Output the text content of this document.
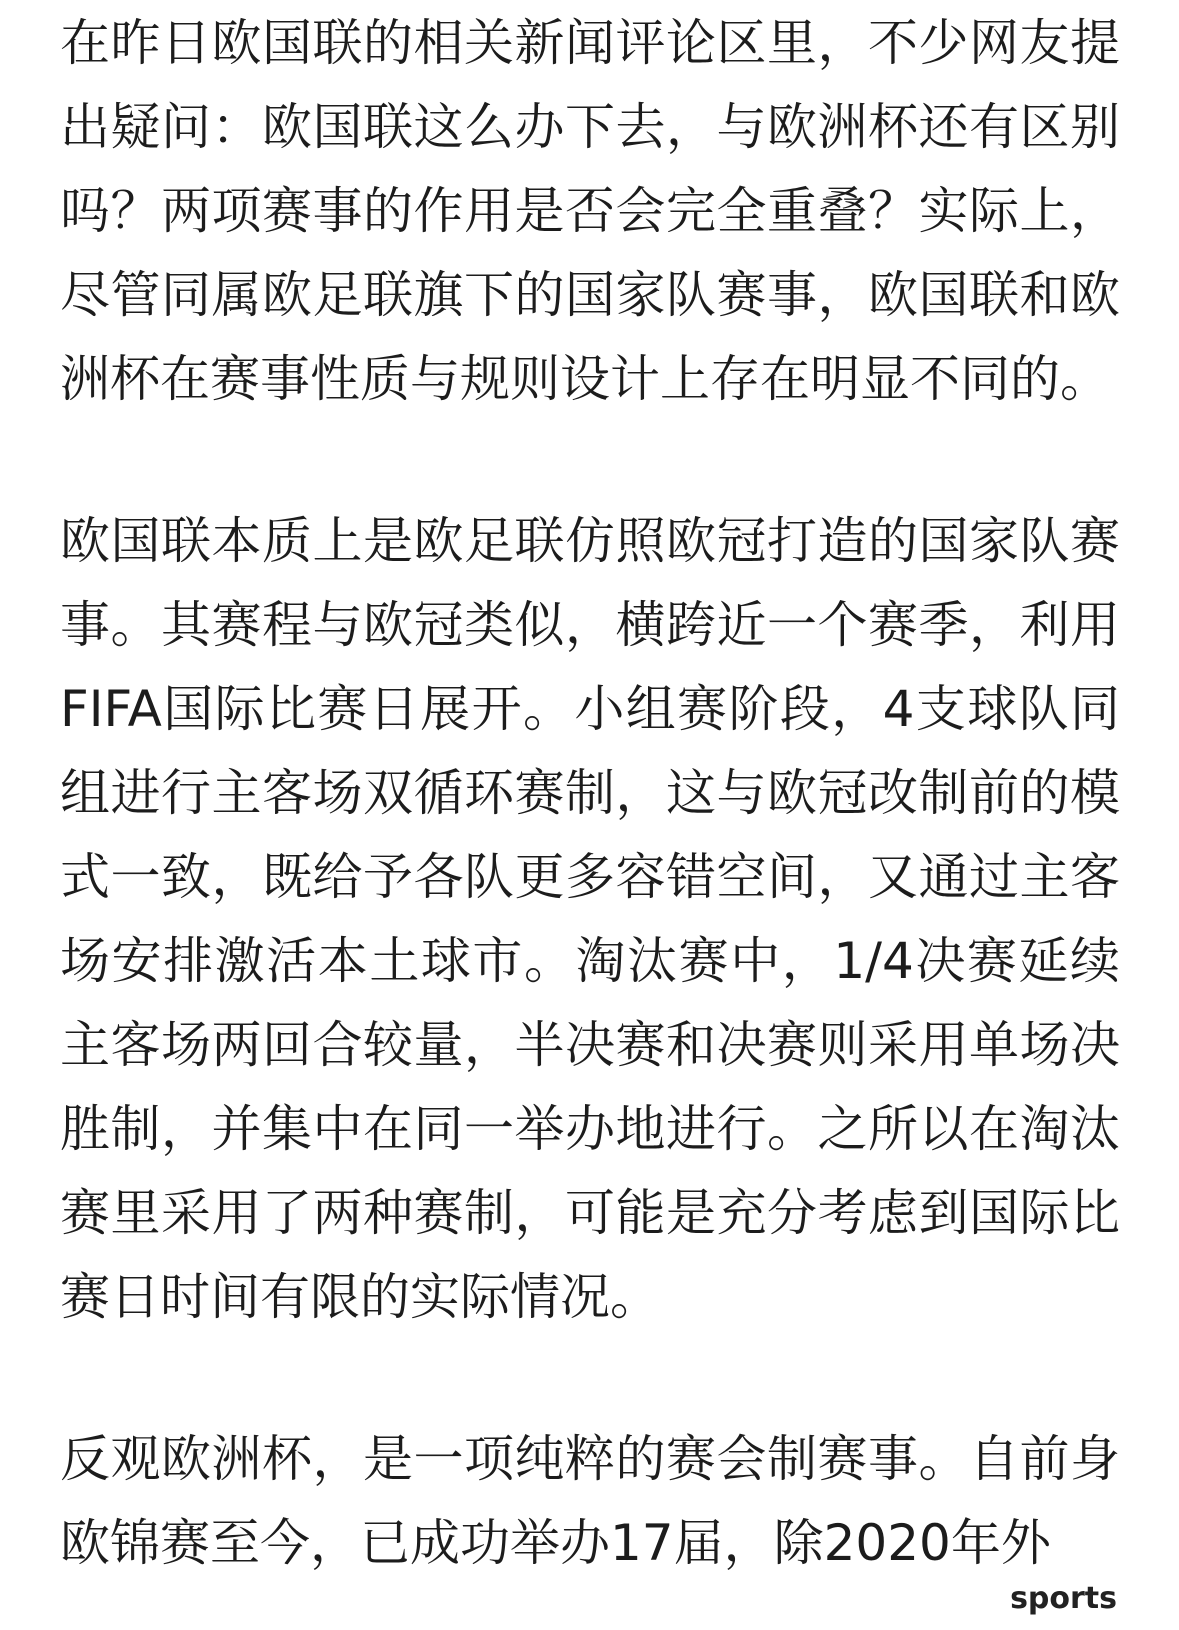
在昨日欧国联的相关新闻评论区里，不少网友提出疑问：欧国联这么办下去，与欧洲杯还有区别吗？两项赛事的作用是否会完全重叠？实际上，尽管同属欧足联旗下的国家队赛事，欧国联和欧洲杯在赛事性质与规则设计上存在明显不同的。

欧国联本质上是欧足联仿照欧冠打造的国家队赛事。其赛程与欧冠类似，横跨近一个赛季，利用FIFA国际比赛日展开。小组赛阶段，4支球队同组进行主客场双循环赛制，这与欧冠改制前的模式一致，既给予各队更多容错空间，又通过主客场安排激活本土球市。淘汰赛中，1/4决赛延续主客场两回合较量，半决赛和决赛则采用单场决胜制，并集中在同一举办地进行。之所以在淘汰赛里采用了两种赛制，可能是充分考虑到国际比赛日时间有限的实际情况。

反观欧洲杯，是一项纯粹的赛会制赛事。自前身欧锦赛至今，已成功举办17届，除2020年外

sports
